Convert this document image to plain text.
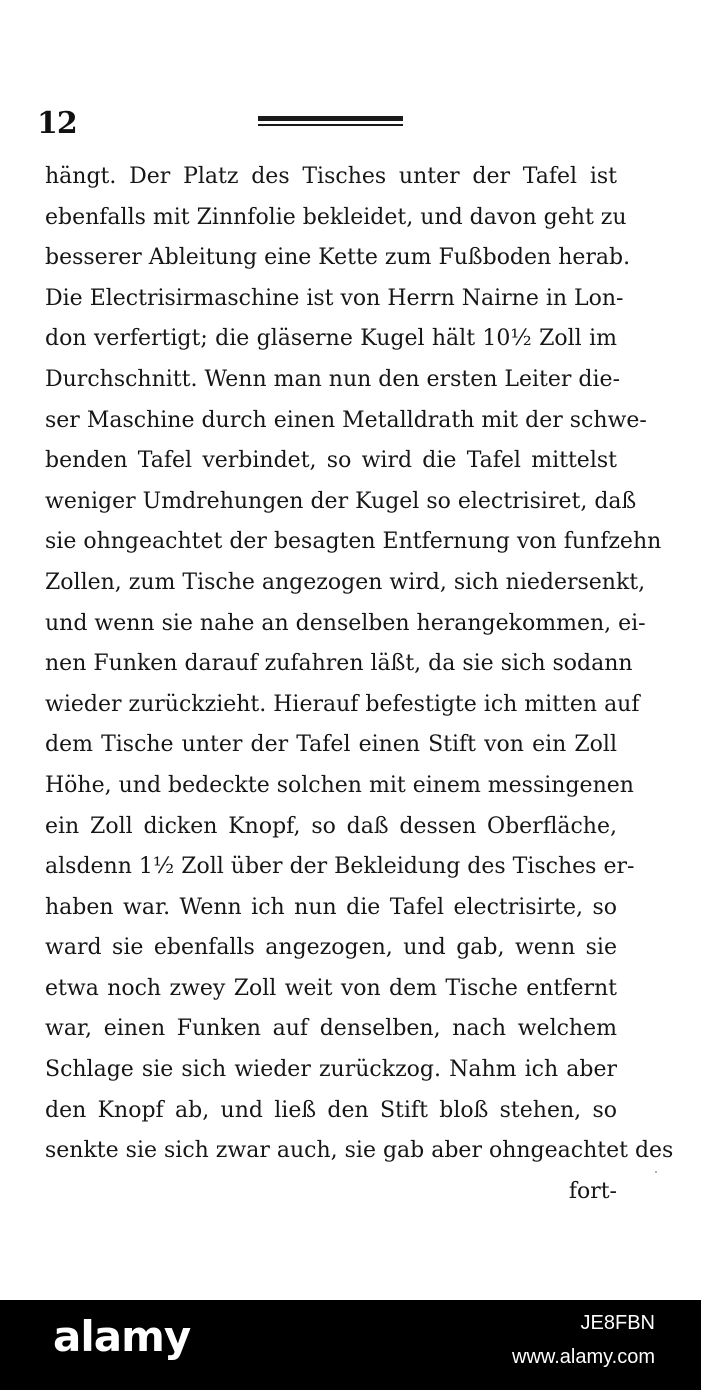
12
hängt. Der Platz des Tisches unter der Tafel ist
ebenfalls mit Zinnfolie bekleidet, und davon geht zu
besserer Ableitung eine Kette zum Fußboden herab.
Die Electrisirmaschine ist von Herrn Nairne in Lon-
don verfertigt; die gläserne Kugel hält 10½ Zoll im
Durchschnitt. Wenn man nun den ersten Leiter die-
ser Maschine durch einen Metalldrath mit der schwe-
benden Tafel verbindet, so wird die Tafel mittelst
weniger Umdrehungen der Kugel so electrisiret, daß
sie ohngeachtet der besagten Entfernung von funfzehn
Zollen, zum Tische angezogen wird, sich niedersenkt,
und wenn sie nahe an denselben herangekommen, ei-
nen Funken darauf zufahren läßt, da sie sich sodann
wieder zurückzieht. Hierauf befestigte ich mitten auf
dem Tische unter der Tafel einen Stift von ein Zoll
Höhe, und bedeckte solchen mit einem messingenen
ein Zoll dicken Knopf, so daß dessen Oberfläche,
alsdenn 1½ Zoll über der Bekleidung des Tisches er-
haben war. Wenn ich nun die Tafel electrisirte, so
ward sie ebenfalls angezogen, und gab, wenn sie
etwa noch zwey Zoll weit von dem Tische entfernt
war, einen Funken auf denselben, nach welchem
Schlage sie sich wieder zurückzog. Nahm ich aber
den Knopf ab, und ließ den Stift bloß stehen, so
senkte sie sich zwar auch, sie gab aber ohngeachtet des
fort-
alamy	JE8FBN
www.alamy.com
